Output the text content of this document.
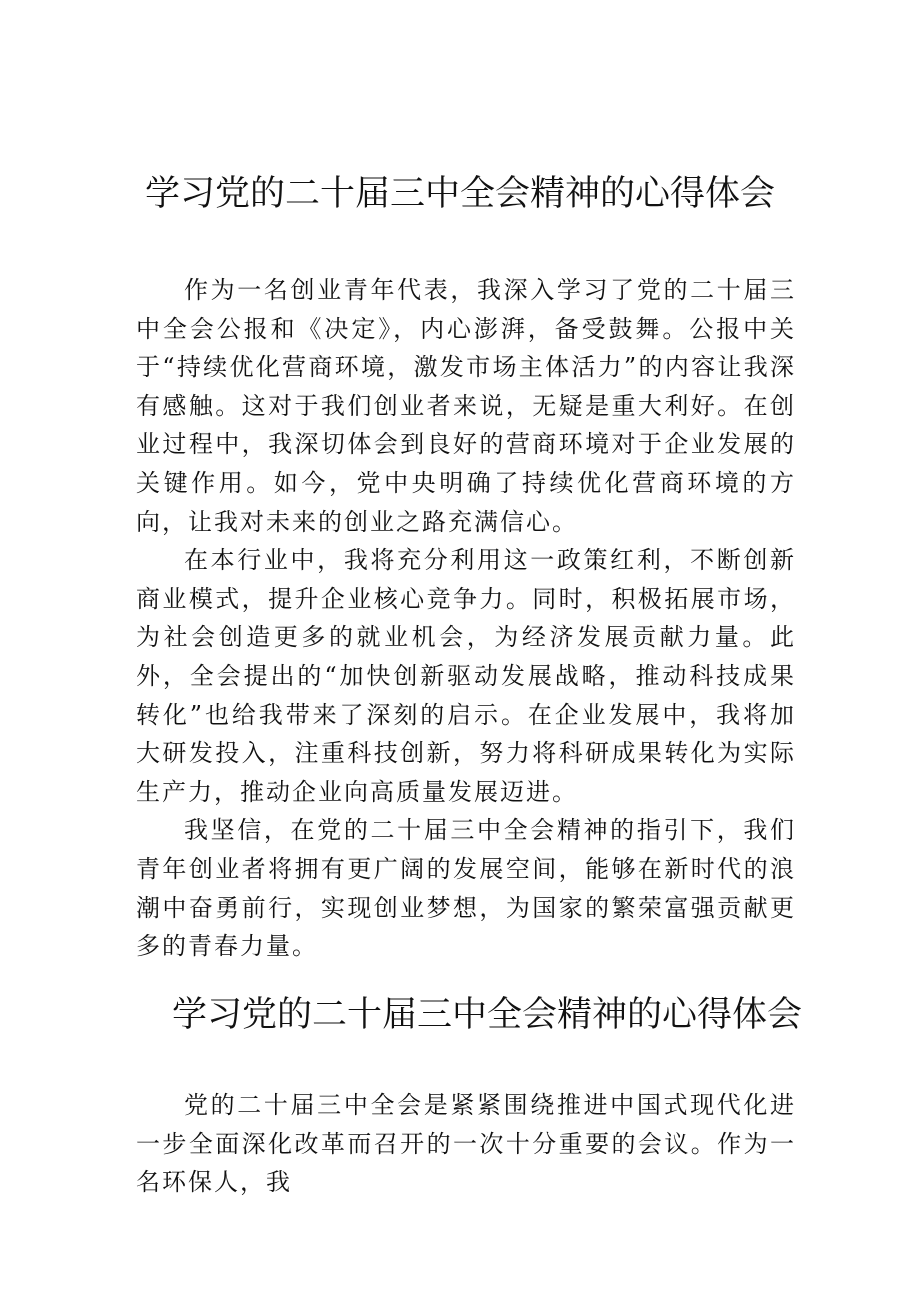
学习党的二十届三中全会精神的心得体会

作为一名创业青年代表，我深入学习了党的二十届三中全会公报和《决定》，内心澎湃，备受鼓舞。公报中关于“持续优化营商环境，激发市场主体活力”的内容让我深有感触。这对于我们创业者来说，无疑是重大利好。在创业过程中，我深切体会到良好的营商环境对于企业发展的关键作用。如今，党中央明确了持续优化营商环境的方向，让我对未来的创业之路充满信心。

在本行业中，我将充分利用这一政策红利，不断创新商业模式，提升企业核心竞争力。同时，积极拓展市场，为社会创造更多的就业机会，为经济发展贡献力量。此外，全会提出的“加快创新驱动发展战略，推动科技成果转化”也给我带来了深刻的启示。在企业发展中，我将加大研发投入，注重科技创新，努力将科研成果转化为实际生产力，推动企业向高质量发展迈进。

我坚信，在党的二十届三中全会精神的指引下，我们青年创业者将拥有更广阔的发展空间，能够在新时代的浪潮中奋勇前行，实现创业梦想，为国家的繁荣富强贡献更多的青春力量。

学习党的二十届三中全会精神的心得体会

党的二十届三中全会是紧紧围绕推进中国式现代化进一步全面深化改革而召开的一次十分重要的会议。作为一名环保人，我
